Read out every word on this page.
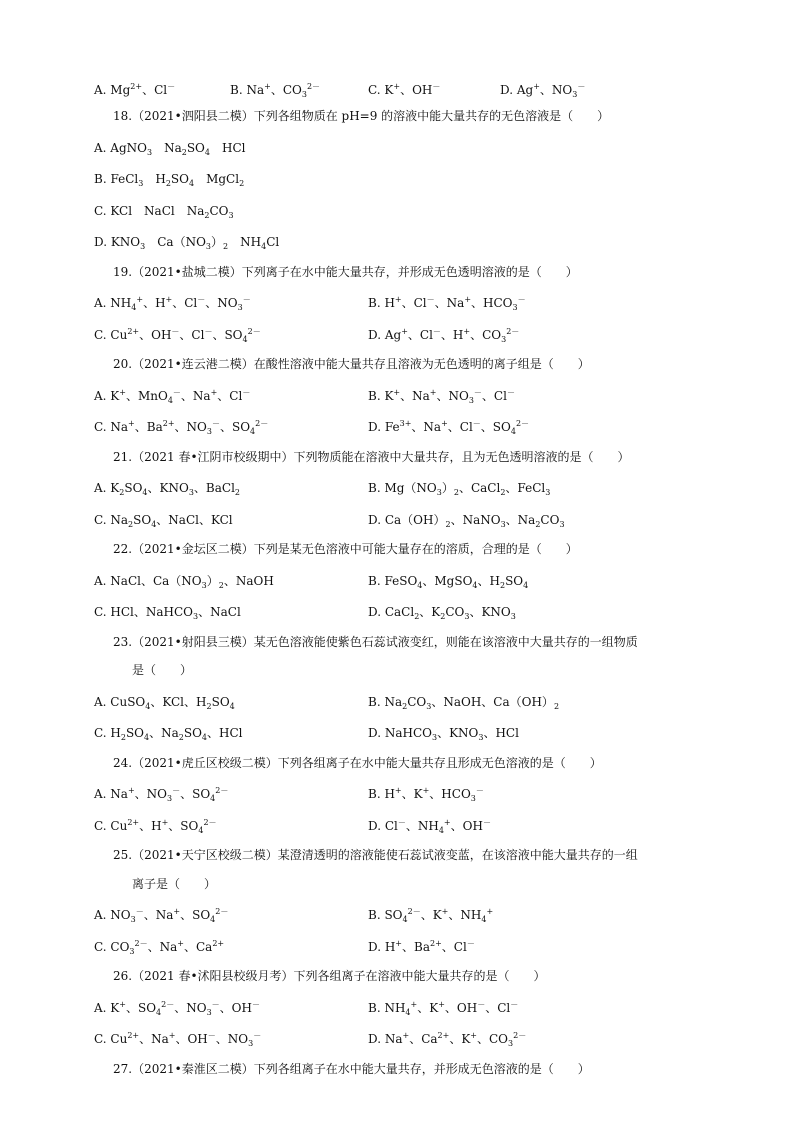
A. $Mg^{2+}$、Cl－	B. Na+、$CO_3^{2-}$	C. K+、OH－	D. Ag+、$NO_3^-$
18.（2021•泗阳县二模）下列各组物质在 pH=9 的溶液中能大量共存的无色溶液是（　　）
A. AgNO$_3$　$Na_2SO_4$　HCl
B. FeCl$_3$　$H_2SO_4$　MgCl$_2$
C. KCl　NaCl　$Na_2CO_3$
D. $KNO_3$　$Ca(NO_3)_2$　$NH_4Cl$
19.（2021•盐城二模）下列离子在水中能大量共存，并形成无色透明溶液的是（　　）
A. $NH_4^+$、H+、Cl－、$NO_3^-$	B. H+、Cl－、Na+、$HCO_3^-$
C. $Cu^{2+}$、OH－、Cl－、$SO_4^{2-}$	D. Ag+、Cl－、H+、$CO_3^{2-}$
20.（2021•连云港二模）在酸性溶液中能大量共存且溶液为无色透明的离子组是（　　）
A. K+、MnO$_4$－、Na+、Cl－	B. K+、Na+、$NO_3^-$、Cl－
C. Na+、$Ba^{2+}$、$NO_3^-$、$SO_4^{2-}$	D. $Fe^{3+}$、Na+、Cl－、$SO_4^{2-}$
21.（2021 春•江阴市校级期中）下列物质能在溶液中大量共存，且为无色透明溶液的是（　　）
A. $K_2SO_4$、$KNO_3$、BaCl$_2$	B. $Mg(NO_3)_2$、CaCl$_2$、FeCl$_3$
C. $Na_2SO_4$、NaCl、KCl	D. $Ca(OH)_2$、NaNO$_3$、$Na_2CO_3$
22.（2021•金坛区二模）下列是某无色溶液中可能大量存在的溶质，合理的是（　　）
A. NaCl、$Ca(NO_3)_2$、NaOH	B. FeSO$_4$、MgSO$_4$、$H_2SO_4$
C. HCl、NaHCO$_3$、NaCl	D. CaCl$_2$、$K_2CO_3$、$KNO_3$
23.（2021•射阳县三模）某无色溶液能使紫色石蕊试液变红，则能在该溶液中大量共存的一组物质
是（　　）
A. CuSO$_4$、KCl、$H_2SO_4$	B. $Na_2CO_3$、NaOH、$Ca(OH)_2$
C. $H_2SO_4$、$Na_2SO_4$、HCl	D. NaHCO$_3$、$KNO_3$、HCl
24.（2021•虎丘区校级二模）下列各组离子在水中能大量共存且形成无色溶液的是（　　）
A. Na+、$NO_3^-$、$SO_4^{2-}$	B. H+、K+、$HCO_3^-$
C. $Cu^{2+}$、H+、$SO_4^{2-}$	D. Cl－、$NH_4^+$、OH－
25.（2021•天宁区校级二模）某澄清透明的溶液能使石蕊试液变蓝，在该溶液中能大量共存的一组
离子是（　　）
A. $NO_3^-$、Na+、$SO_4^{2-}$	B. $SO_4^{2-}$、K+、$NH_4^+$
C. $CO_3^{2-}$、Na+、$Ca^{2+}$	D. H+、$Ba^{2+}$、Cl－
26.（2021 春•沭阳县校级月考）下列各组离子在溶液中能大量共存的是（　　）
A. K+、$SO_4^{2-}$、$NO_3^-$、OH－	B. $NH_4^+$、K+、OH－、Cl－
C. $Cu^{2+}$、Na+、OH－、$NO_3^-$	D. Na+、$Ca^{2+}$、K+、$CO_3^{2-}$
27.（2021•秦淮区二模）下列各组离子在水中能大量共存，并形成无色溶液的是（　　）
